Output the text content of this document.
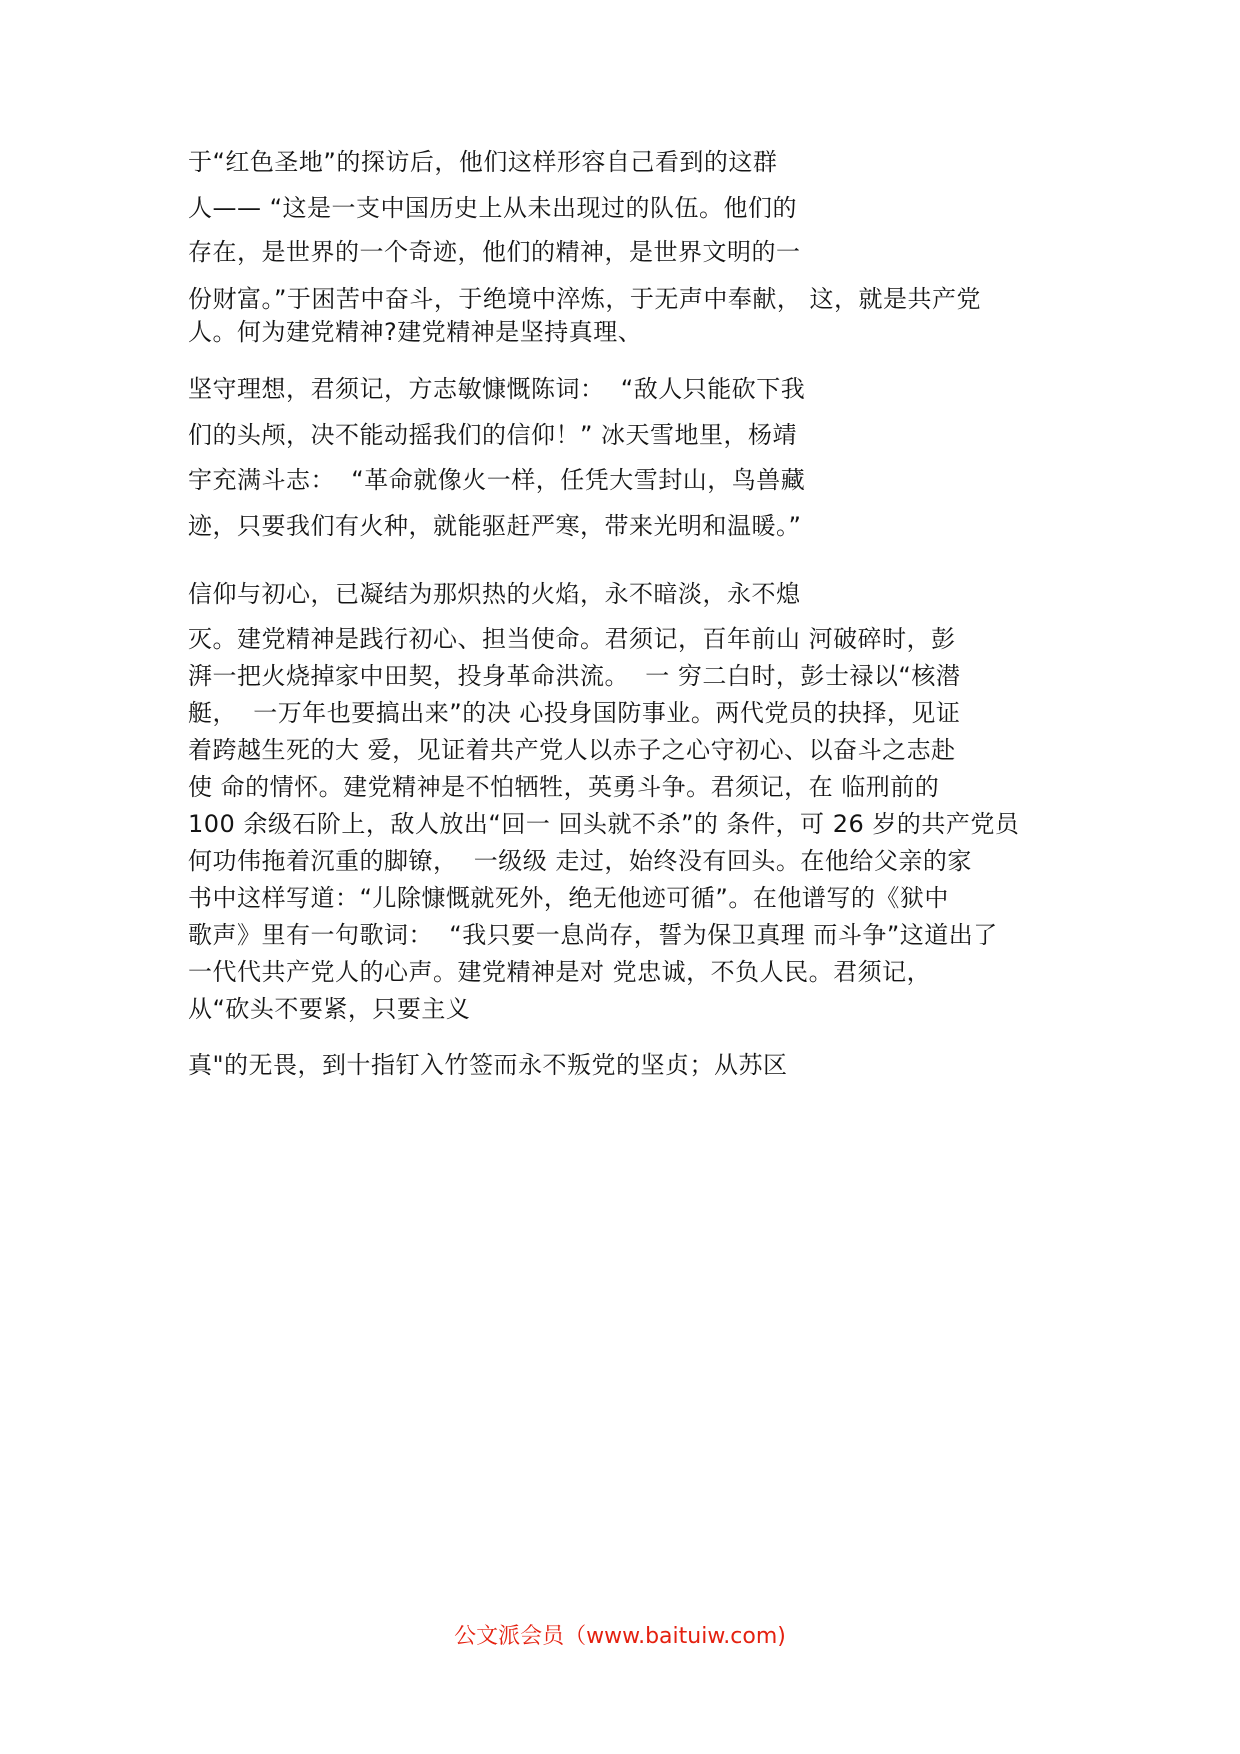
于“红色圣地”的探访后，他们这样形容自己看到的这群

人—— “这是一支中国历史上从未出现过的队伍。他们的

存在，是世界的一个奇迹，他们的精神，是世界文明的一

份财富。”于困苦中奋斗，于绝境中淬炼，于无声中奉献， 这，就是共产党

人。何为建党精神?建党精神是坚持真理、

坚守理想，君须记，方志敏慷慨陈词：  “敌人只能砍下我

们的头颅，决不能动摇我们的信仰！” 冰天雪地里，杨靖

宇充满斗志：  “革命就像火一样，任凭大雪封山，鸟兽藏

迹，只要我们有火种，就能驱赶严寒，带来光明和温暖。”

信仰与初心，已凝结为那炽热的火焰，永不暗淡，永不熄

灭。建党精神是践行初心、担当使命。君须记，百年前山 河破碎时，彭

湃一把火烧掉家中田契，投身革命洪流。  一 穷二白时，彭士禄以“核潜

艇，  一万年也要搞出来”的决 心投身国防事业。两代党员的抉择，见证

着跨越生死的大 爱，见证着共产党人以赤子之心守初心、以奋斗之志赴

使 命的情怀。建党精神是不怕牺牲，英勇斗争。君须记，在 临刑前的

100 余级石阶上，敌人放出“回一 回头就不杀”的 条件，可 26 岁的共产党员

何功伟拖着沉重的脚镣，  一级级 走过，始终没有回头。在他给父亲的家

书中这样写道：“儿除慷慨就死外，绝无他迹可循”。在他谱写的《狱中

歌声》里有一句歌词：  “我只要一息尚存，誓为保卫真理 而斗争”这道出了

一代代共产党人的心声。建党精神是对 党忠诚，不负人民。君须记，

从“砍头不要紧，只要主义

真"的无畏，到十指钉入竹签而永不叛党的坚贞；从苏区

公文派会员（www.baituiw.com)
